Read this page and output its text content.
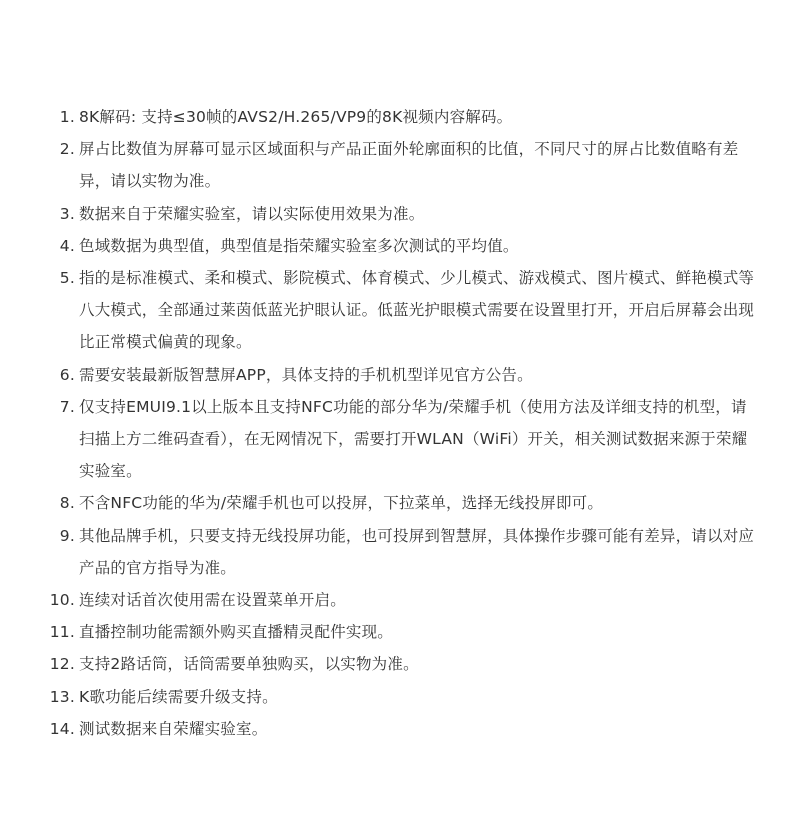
1. 8K解码: 支持≤30帧的AVS2/H.265/VP9的8K视频内容解码。
2. 屏占比数值为屏幕可显示区域面积与产品正面外轮廓面积的比值，不同尺寸的屏占比数值略有差异，请以实物为准。
3. 数据来自于荣耀实验室，请以实际使用效果为准。
4. 色域数据为典型值，典型值是指荣耀实验室多次测试的平均值。
5. 指的是标准模式、柔和模式、影院模式、体育模式、少儿模式、游戏模式、图片模式、鲜艳模式等八大模式，全部通过莱茵低蓝光护眼认证。低蓝光护眼模式需要在设置里打开，开启后屏幕会出现比正常模式偏黄的现象。
6. 需要安装最新版智慧屏APP，具体支持的手机机型详见官方公告。
7. 仅支持EMUI9.1以上版本且支持NFC功能的部分华为/荣耀手机（使用方法及详细支持的机型，请扫描上方二维码查看），在无网情况下，需要打开WLAN（WiFi）开关，相关测试数据来源于荣耀实验室。
8. 不含NFC功能的华为/荣耀手机也可以投屏，下拉菜单，选择无线投屏即可。
9. 其他品牌手机，只要支持无线投屏功能，也可投屏到智慧屏，具体操作步骤可能有差异，请以对应产品的官方指导为准。
10. 连续对话首次使用需在设置菜单开启。
11. 直播控制功能需额外购买直播精灵配件实现。
12. 支持2路话筒，话筒需要单独购买，以实物为准。
13. K歌功能后续需要升级支持。
14. 测试数据来自荣耀实验室。
